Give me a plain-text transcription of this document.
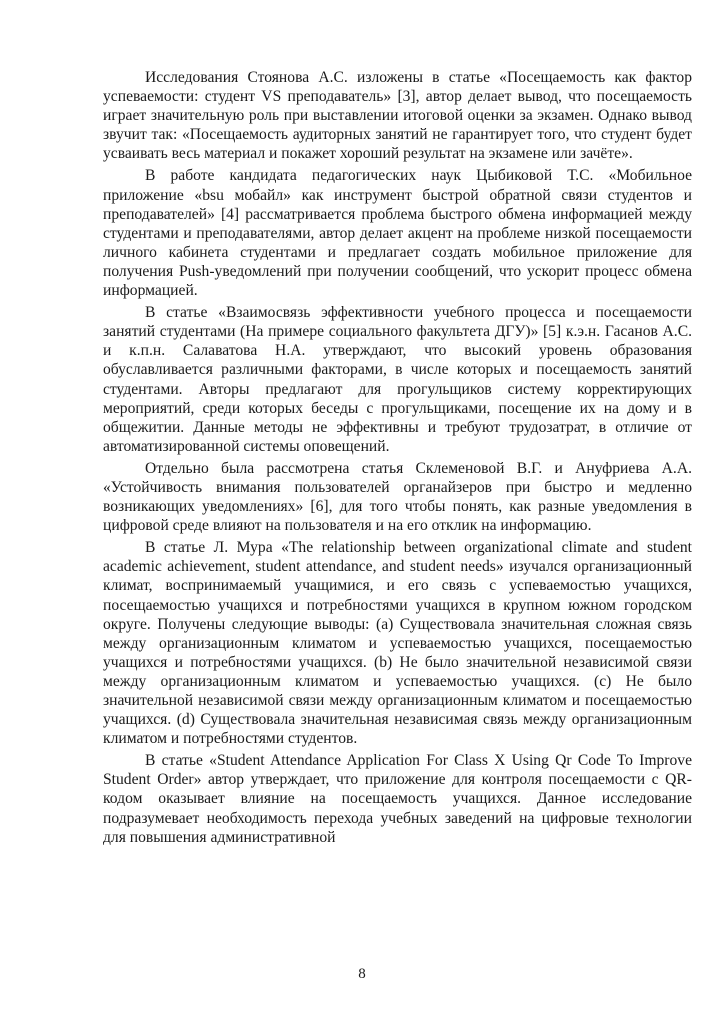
Исследования Стоянова А.С. изложены в статье «Посещаемость как фактор успеваемости: студент VS преподаватель» [3], автор делает вывод, что посещаемость играет значительную роль при выставлении итоговой оценки за экзамен. Однако вывод звучит так: «Посещаемость аудиторных занятий не гарантирует того, что студент будет усваивать весь материал и покажет хороший результат на экзамене или зачёте».

В работе кандидата педагогических наук Цыбиковой Т.С. «Мобильное приложение «bsu мобайл» как инструмент быстрой обратной связи студентов и преподавателей» [4] рассматривается проблема быстрого обмена информацией между студентами и преподавателями, автор делает акцент на проблеме низкой посещаемости личного кабинета студентами и предлагает создать мобильное приложение для получения Push-уведомлений при получении сообщений, что ускорит процесс обмена информацией.

В статье «Взаимосвязь эффективности учебного процесса и посещаемости занятий студентами (На примере социального факультета ДГУ)» [5] к.э.н. Гасанов А.С. и к.п.н. Салаватова Н.А. утверждают, что высокий уровень образования обуславливается различными факторами, в числе которых и посещаемость занятий студентами. Авторы предлагают для прогульщиков систему корректирующих мероприятий, среди которых беседы с прогульщиками, посещение их на дому и в общежитии. Данные методы не эффективны и требуют трудозатрат, в отличие от автоматизированной системы оповещений.

Отдельно была рассмотрена статья Склеменовой В.Г. и Ануфриева А.А. «Устойчивость внимания пользователей органайзеров при быстро и медленно возникающих уведомлениях» [6], для того чтобы понять, как разные уведомления в цифровой среде влияют на пользователя и на его отклик на информацию.

В статье Л. Мура «The relationship between organizational climate and student academic achievement, student attendance, and student needs» изучался организационный климат, воспринимаемый учащимися, и его связь с успеваемостью учащихся, посещаемостью учащихся и потребностями учащихся в крупном южном городском округе. Получены следующие выводы: (a) Существовала значительная сложная связь между организационным климатом и успеваемостью учащихся, посещаемостью учащихся и потребностями учащихся. (b) Не было значительной независимой связи между организационным климатом и успеваемостью учащихся. (c) Не было значительной независимой связи между организационным климатом и посещаемостью учащихся. (d) Существовала значительная независимая связь между организационным климатом и потребностями студентов.

В статье «Student Attendance Application For Class X Using Qr Code To Improve Student Order» автор утверждает, что приложение для контроля посещаемости с QR-кодом оказывает влияние на посещаемость учащихся. Данное исследование подразумевает необходимость перехода учебных заведений на цифровые технологии для повышения административной

8
